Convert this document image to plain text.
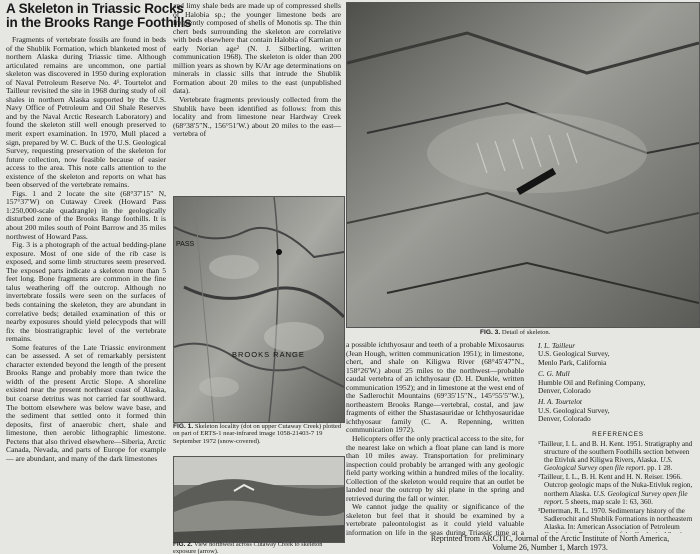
A Skeleton in Triassic Rocks
in the Brooks Range Foothills

Fragments of vertebrate fossils are found in beds of the Shublik Formation, which blanketed most of northern Alaska during Triassic time. Although articulated remains are uncommon, one partial skeleton was discovered in 1950 during exploration of Naval Petroleum Reserve No. 4¹. Tourtelot and Tailleur revisited the site in 1968 during study of oil shales in northern Alaska supported by the U.S. Navy Office of Petroleum and Oil Shale Reserves and by the Naval Arctic Research Laboratory) and found the skeleton still well enough preserved to merit expert examination. In 1970, Mull placed a sign, prepared by W. C. Buck of the U.S. Geological Survey, requesting preservation of the skeleton for future collection, now feasible because of easier access to the area. This note calls attention to the existence of the skeleton and reports on what has been observed of the vertebrate remains.

Figs. 1 and 2 locate the site (68°37′15″ N, 157°37′W) on Cutaway Creek (Howard Pass 1:250,000-scale quadrangle) in the geologically disturbed zone of the Brooks Range foothills. It is about 200 miles south of Point Barrow and 35 miles northwest of Howard Pass.

Fig. 3 is a photograph of the actual bedding-plane exposure. Most of one side of the rib case is exposed, and some limb structures seem preserved. The exposed parts indicate a skeleton more than 5 feet long. Bone fragments are common in the fine talus weathering off the outcrop. Although no invertebrate fossils were seen on the surfaces of beds containing the skeleton, they are abundant in correlative beds; detailed examination of this or nearby exposures should yield pelecypods that will fix the biostratigraphic level of the vertebrate remains.

Some features of the Late Triassic environment can be assessed. A set of remarkably persistent character extended beyond the length of the present Brooks Range and probably more than twice the width of the present Arctic Slope. A shoreline existed near the present northeast coast of Alaska, but coarse detritus was not carried far southward. The bottom elsewhere was below wave base, and the sediment that settled onto it formed thin deposits, first of anaerobic chert, shale and limestone, then aerobic lithographic limestone. Pectens that also thrived elsewhere—Siberia, Arctic Canada, Nevada, and parts of Europe for example — are abundant, and many of the dark limestones

and limy shale beds are made up of compressed shells of Halobia sp.; the younger limestone beds are frequently composed of shells of Monotis sp. The thin chert beds surrounding the skeleton are correlative with beds elsewhere that contain Halobia of Karnian or early Norian age² (N. J. Silberling, written communication 1968). The skeleton is older than 200 million years as shown by K/Ar age determinations on minerals in classic sills that intrude the Shublik Formation about 20 miles to the east (unpublished data).

Vertebrate fragments previously collected from the Shublik have been identified as follows: from this locality and from limestone near Hardway Creek (68°38′5″N., 156°51′W.) about 20 miles to the east—vertebra of

PASS
BROOKS RANGE
FIG. 1. Skeleton locality (dot on upper Cutaway Creek) plotted on part of ERTS-1 near-infrared image 1058-21403-7 19 September 1972 (snow-covered).
FIG. 2. View northwest across Cutaway Creek to skeleton exposure (arrow).
FIG. 3. Detail of skeleton.

a possible ichthyosaur and teeth of a probable Mixosaurus (Jean Hough, written communication 1951); in limestone, chert, and shale on Kiligwa River (68°45′47″N., 158°26′W.) about 25 miles to the northwest—probable caudal vertebra of an ichthyosaur (D. H. Dunkle, written communication 1952); and in limestone at the west end of the Sadlerochit Mountains (69°35′15″N., 145°55′5″W.), northeastern Brooks Range—vertebral, costal, and jaw fragments of either the Shastasauridae or Ichthyosauridae ichthyosaur family (C. A. Repenning, written communication 1972).

Helicopters offer the only practical access to the site, for the nearest lake on which a float plane can land is more than 10 miles away. Transportation for preliminary inspection could probably be arranged with any geologic field party working within a hundred miles of the locality. Collection of the skeleton would require that an outlet be landed near the outcrop by ski plane in the spring and retrieved during the fall or winter.

We cannot judge the quality or significance of the skeleton but feel that it should be examined by a vertebrate paleontologist as it could yield valuable information on life in the seas during Triassic time at a

I. L. Tailleur
U.S. Geological Survey,
Menlo Park, California
C. G. Mull
Humble Oil and Refining Company,
Denver, Colorado
H. A. Tourtelot
U.S. Geological Survey,
Denver, Colorado
REFERENCES
¹Tailleur, I. L. and B. H. Kent. 1951. Stratigraphy and structure of the southern Foothills section between the Etivluk and Kiligwa Rivers, Alaska. U.S. Geological Survey open file report. pp. 1 28.
²Tailleur, I. L., B. H. Kent and H. N. Reiser. 1966. Outcrop geologic maps of the Nuka-Etivluk region, northern Alaska. U.S. Geological Survey open file report. 5 sheets, map scale 1: 63, 360.
³Detterman, R. L. 1970. Sedimentary history of the Sadlerochit and Shublik Formations in northeastern Alaska. In: American Association of Petroleum
Reprinted from ARCTIC, Journal of the Arctic Institute of North America,
Volume 26, Number 1, March 1973.
